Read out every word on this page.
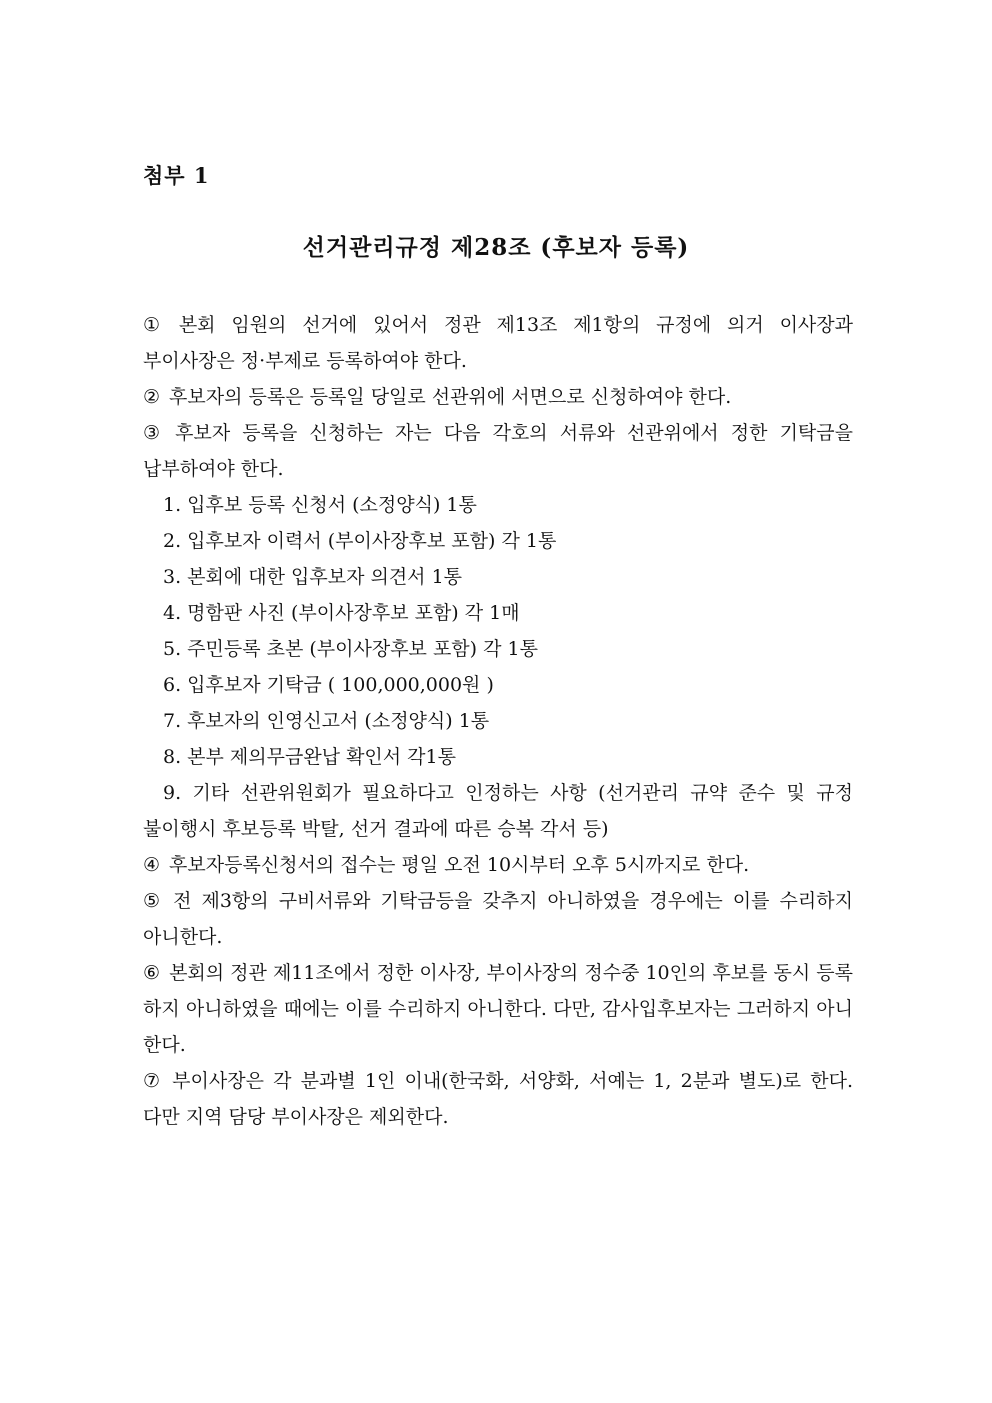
첨부 1
선거관리규정 제28조 (후보자 등록)

① 본회 임원의 선거에 있어서 정관 제13조 제1항의 규정에 의거 이사장과 부이사장은 정·부제로 등록하여야 한다.

② 후보자의 등록은 등록일 당일로 선관위에 서면으로 신청하여야 한다.

③ 후보자 등록을 신청하는 자는 다음 각호의 서류와 선관위에서 정한 기탁금을 납부하여야 한다.

1. 입후보 등록 신청서 (소정양식) 1통

2. 입후보자 이력서 (부이사장후보 포함) 각 1통

3. 본회에 대한 입후보자 의견서 1통

4. 명함판 사진 (부이사장후보 포함) 각 1매

5. 주민등록 초본 (부이사장후보 포함) 각 1통

6. 입후보자 기탁금 ( 100,000,000원 )

7. 후보자의 인영신고서 (소정양식) 1통

8. 본부 제의무금완납 확인서 각1통

9. 기타 선관위원회가 필요하다고 인정하는 사항 (선거관리 규약 준수 및 규정 불이행시 후보등록 박탈, 선거 결과에 따른 승복 각서 등)

④ 후보자등록신청서의 접수는 평일 오전 10시부터 오후 5시까지로 한다.

⑤ 전 제3항의 구비서류와 기탁금등을 갖추지 아니하였을 경우에는 이를 수리하지 아니한다.

⑥ 본회의 정관 제11조에서 정한 이사장, 부이사장의 정수중 10인의 후보를 동시 등록 하지 아니하였을 때에는 이를 수리하지 아니한다. 다만, 감사입후보자는 그러하지 아니 한다.

⑦ 부이사장은 각 분과별 1인 이내(한국화, 서양화, 서예는 1, 2분과 별도)로 한다. 다만 지역 담당 부이사장은 제외한다.
